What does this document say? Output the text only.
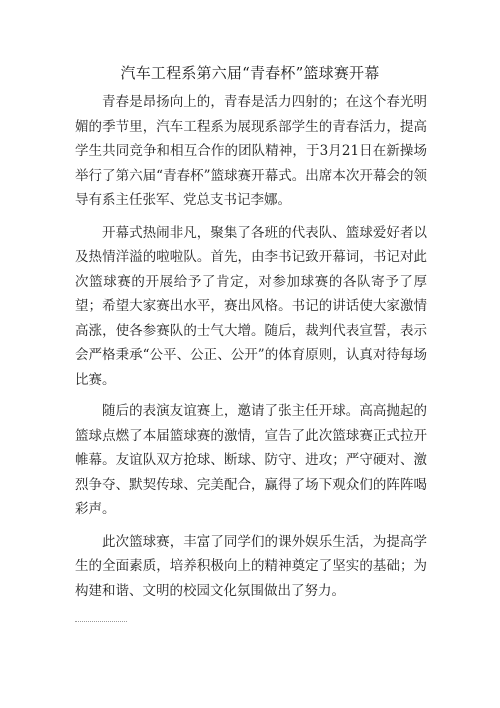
汽车工程系第六届“青春杯”篮球赛开幕

青春是昂扬向上的，青春是活力四射的；在这个春光明媚的季节里，汽车工程系为展现系部学生的青春活力，提高学生共同竞争和相互合作的团队精神，于3月21日在新操场举行了第六届“青春杯”篮球赛开幕式。出席本次开幕会的领导有系主任张军、党总支书记李娜。

开幕式热闹非凡，聚集了各班的代表队、篮球爱好者以及热情洋溢的啦啦队。首先，由李书记致开幕词，书记对此次篮球赛的开展给予了肯定，对参加球赛的各队寄予了厚望；希望大家赛出水平，赛出风格。书记的讲话使大家激情高涨，使各参赛队的士气大增。随后，裁判代表宣誓，表示会严格秉承“公平、公正、公开”的体育原则，认真对待每场比赛。

随后的表演友谊赛上，邀请了张主任开球。高高抛起的篮球点燃了本届篮球赛的激情，宣告了此次篮球赛正式拉开帷幕。友谊队双方抢球、断球、防守、进攻；严守硬对、激烈争夺、默契传球、完美配合，赢得了场下观众们的阵阵喝彩声。

此次篮球赛，丰富了同学们的课外娱乐生活，为提高学生的全面素质，培养积极向上的精神奠定了坚实的基础；为构建和谐、文明的校园文化氛围做出了努力。
